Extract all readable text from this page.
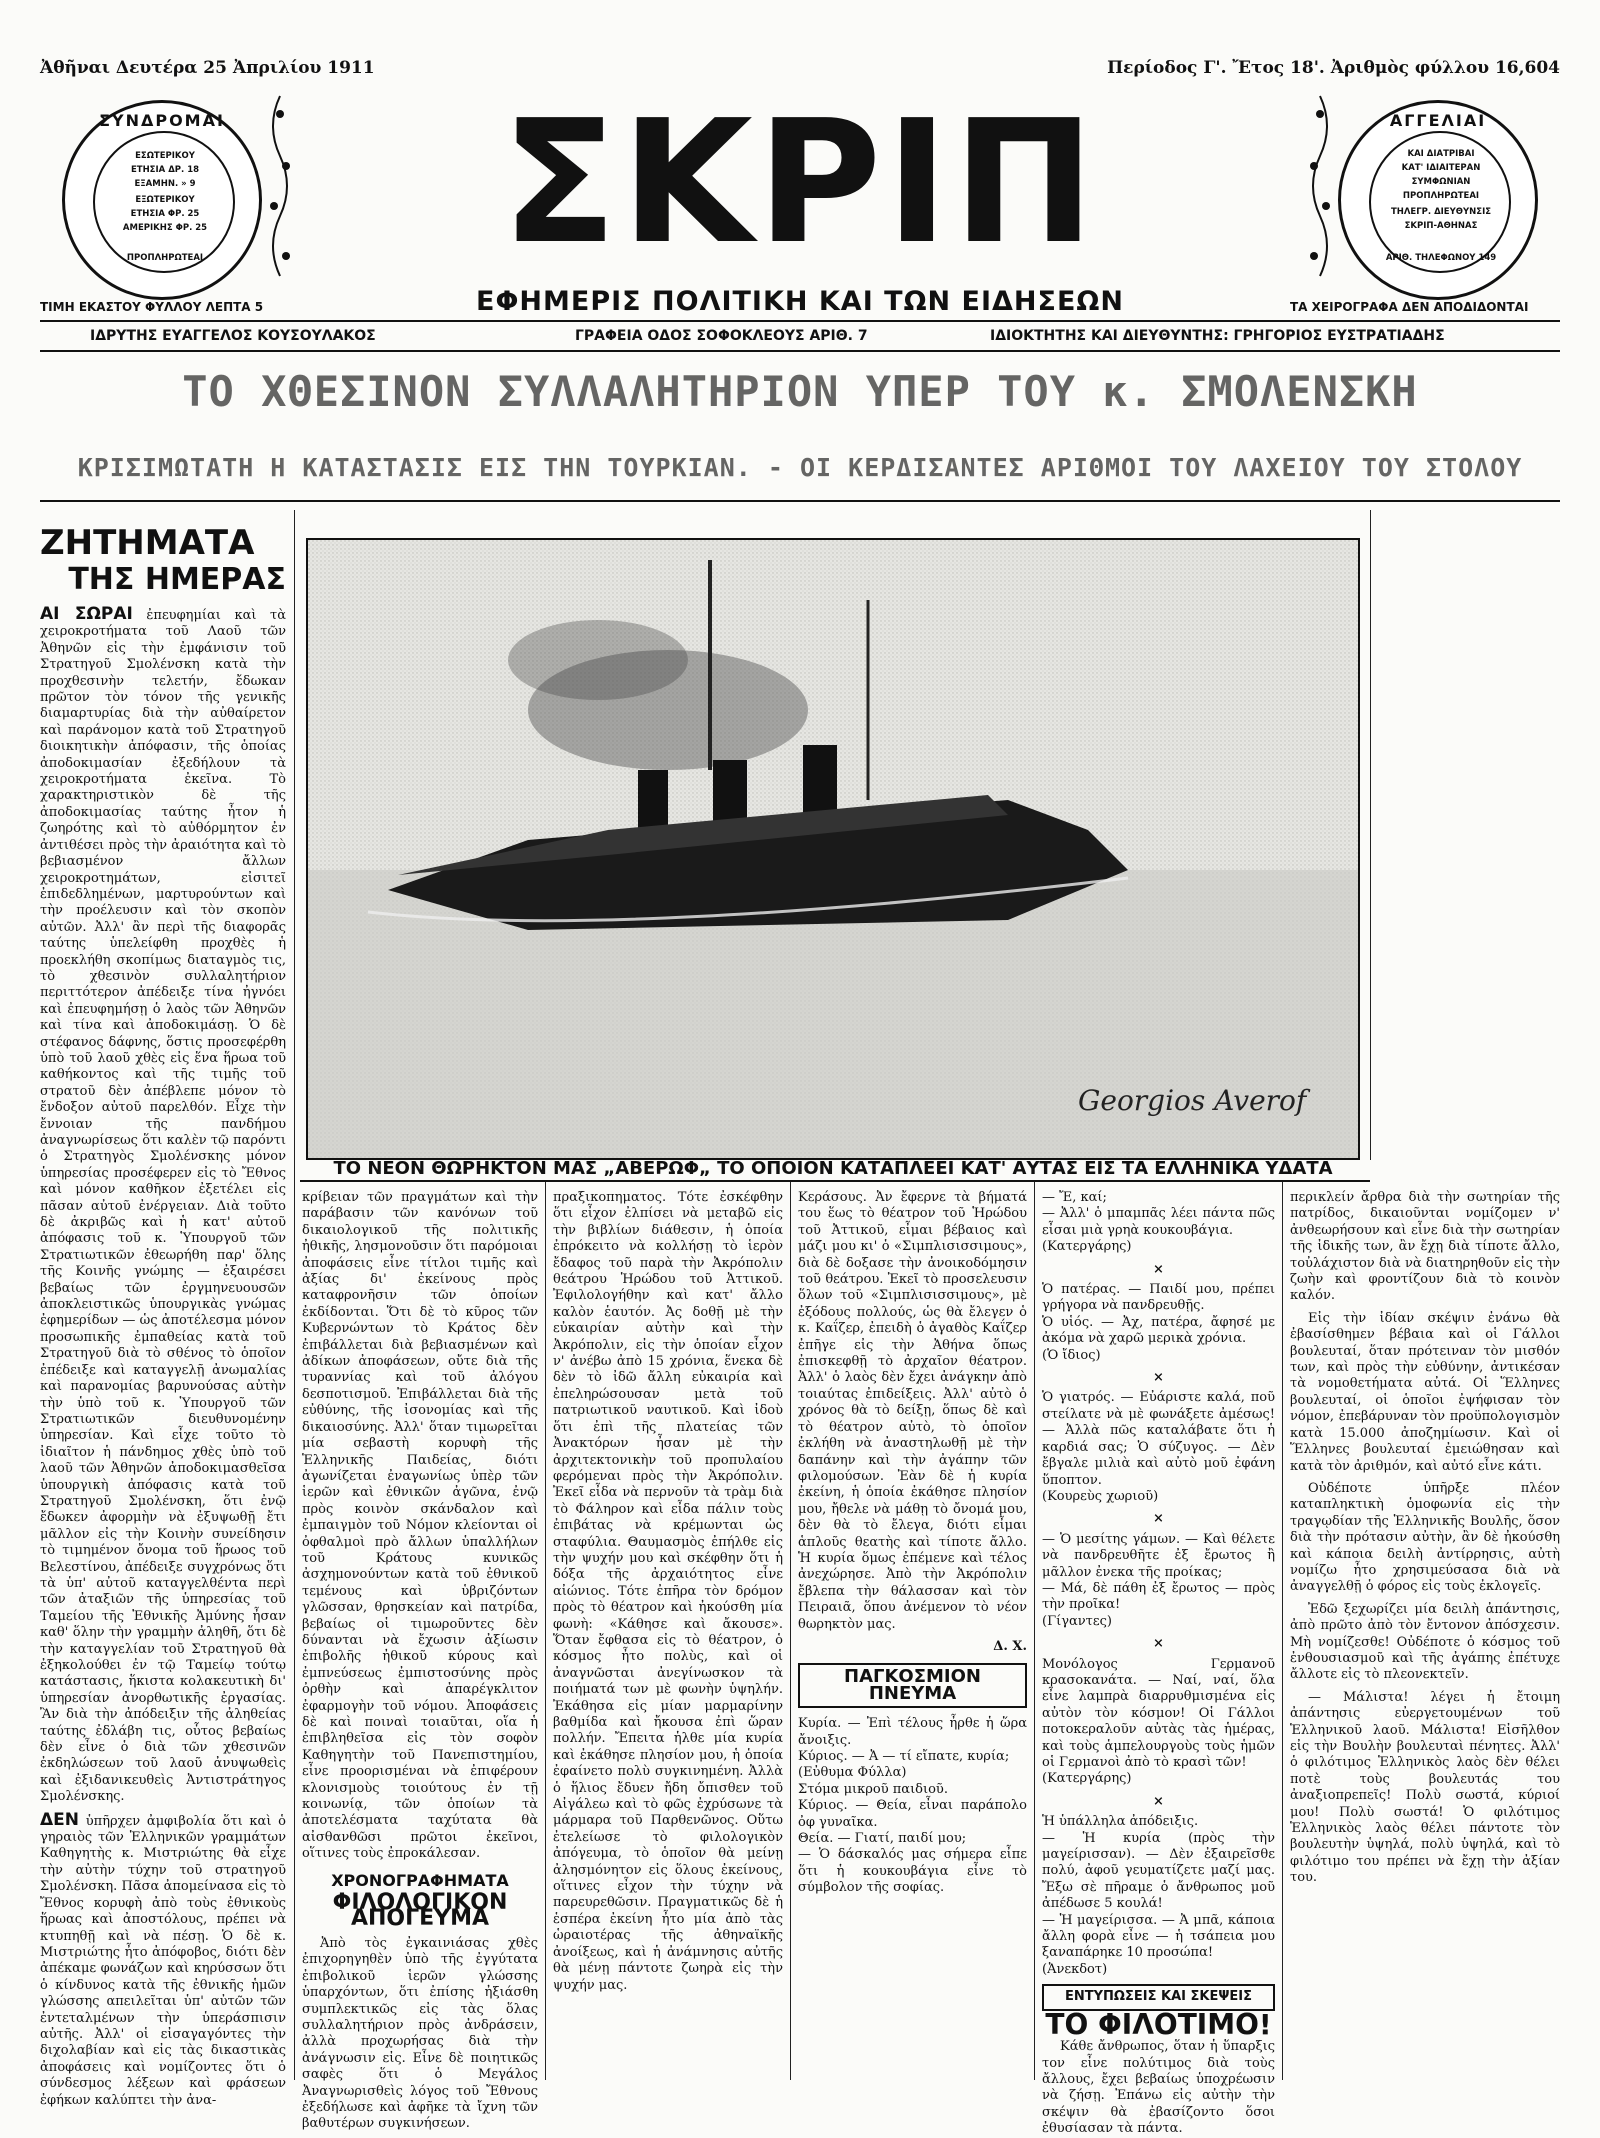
Ἀθῆναι Δευτέρα 25 Ἀπριλίου 1911	Περίοδος Γ'. Ἔτος 18'. Ἀριθμὸς φύλλου 16,604
ΣΥΝΔΡΟΜΑΙ
ΕΣΩΤΕΡΙΚΟΥ
ΕΤΗΣΙΑ ΔΡ. 18
ΕΞΑΜΗΝ. » 9
ΕΞΩΤΕΡΙΚΟΥ
ΕΤΗΣΙΑ ΦΡ. 25
ΑΜΕΡΙΚΗΣ ΦΡ. 25
ΠΡΟΠΛΗΡΩΤΕΑΙ
ΑΓΓΕΛΙΑΙ
ΚΑΙ ΔΙΑΤΡΙΒΑΙ
ΚΑΤ' ΙΔΙΑΙΤΕΡΑΝ
ΣΥΜΦΩΝΙΑΝ
ΠΡΟΠΛΗΡΩΤΕΑΙ
ΤΗΛΕΓΡ. ΔΙΕΥΘΥΝΣΙΣ
ΣΚΡΙΠ-ΑΘΗΝΑΣ
ΑΡΙΘ. ΤΗΛΕΦΩΝΟΥ 149
ΣΚΡΙΠ
ΕΦΗΜΕΡΙΣ ΠΟΛΙΤΙΚΗ ΚΑΙ ΤΩΝ ΕΙΔΗΣΕΩΝ
ΤΙΜΗ ΕΚΑΣΤΟΥ ΦΥΛΛΟΥ ΛΕΠΤΑ 5	ΤΑ ΧΕΙΡΟΓΡΑΦΑ ΔΕΝ ΑΠΟΔΙΔΟΝΤΑΙ
ΙΔΡΥΤΗΣ ΕΥΑΓΓΕΛΟΣ ΚΟΥΣΟΥΛΑΚΟΣ	ΓΡΑΦΕΙΑ ΟΔΟΣ ΣΟΦΟΚΛΕΟΥΣ ΑΡΙΘ. 7	ΙΔΙΟΚΤΗΤΗΣ ΚΑΙ ΔΙΕΥΘΥΝΤΗΣ: ΓΡΗΓΟΡΙΟΣ ΕΥΣΤΡΑΤΙΑΔΗΣ
ΤΟ ΧΘΕΣΙΝΟΝ ΣΥΛΛΑΛΗΤΗΡΙΟΝ ΥΠΕΡ ΤΟΥ κ. ΣΜΟΛΕΝΣΚΗ
ΚΡΙΣΙΜΩΤΑΤΗ Η ΚΑΤΑΣΤΑΣΙΣ ΕΙΣ ΤΗΝ ΤΟΥΡΚΙΑΝ. - ΟΙ ΚΕΡΔΙΣΑΝΤΕΣ ΑΡΙΘΜΟΙ ΤΟΥ ΛΑΧΕΙΟΥ ΤΟΥ ΣΤΟΛΟΥ
Georgios Averof
ΤΟ ΝΕΟΝ ΘΩΡΗΚΤΟΝ ΜΑΣ „ΑΒΕΡΩΦ„ ΤΟ ΟΠΟΙΟΝ ΚΑΤΑΠΛΕΕΙ ΚΑΤ' ΑΥΤΑΣ ΕΙΣ ΤΑ ΕΛΛΗΝΙΚΑ ΥΔΑΤΑ
ΖΗΤΗΜΑΤΑ
ΤΗΣ ΗΜΕΡΑΣ

ΑΙ ΣΩΡΑΙ ἐπευφημίαι καὶ τὰ χειροκροτήματα τοῦ Λαοῦ τῶν Ἀθηνῶν εἰς τὴν ἐμφάνισιν τοῦ Στρατηγοῦ Σμολένσκη κατὰ τὴν προχθεσινὴν τελετήν, ἔδωκαν πρῶτον τὸν τόνον τῆς γενικῆς διαμαρτυρίας διὰ τὴν αὐθαίρετον καὶ παράνομον κατὰ τοῦ Στρατηγοῦ διοικητικὴν ἀπόφασιν, τῆς ὁποίας ἀποδοκιμασίαν ἐξεδήλουν τὰ χειροκροτήματα ἐκεῖνα. Τὸ χαρακτηριστικὸν δὲ τῆς ἀποδοκιμασίας ταύτης ἦτον ἡ ζωηρότης καὶ τὸ αὐθόρμητον ἐν ἀντιθέσει πρὸς τὴν ἀραιότητα καὶ τὸ βεβιασμένον ἄλλων χειροκροτημάτων, εἰσιτεῖ ἐπιδεδλημένων, μαρτυρούντων καὶ τὴν προέλευσιν καὶ τὸν σκοπὸν αὐτῶν. Ἀλλ' ἂν περὶ τῆς διαφορᾶς ταύτης ὑπελείφθη προχθὲς ἡ προεκλήθη σκοπίμως διαταγμὸς τις, τὸ χθεσινὸν συλλαλητήριον περιττότερον ἀπέδειξε τίνα ἠγνόει καὶ ἐπευφημήσῃ ὁ λαὸς τῶν Ἀθηνῶν καὶ τίνα καὶ ἀποδοκιμάσῃ. Ὁ δὲ στέφανος δάφνης, ὅστις προσεφέρθη ὑπὸ τοῦ λαοῦ χθὲς εἰς ἕνα ἥρωα τοῦ καθήκοντος καὶ τῆς τιμῆς τοῦ στρατοῦ δὲν ἀπέβλεπε μόνον τὸ ἔνδοξον αὐτοῦ παρελθόν. Εἶχε τὴν ἔννοιαν τῆς πανδήμου ἀναγνωρίσεως ὅτι καλὲν τῷ παρόντι ὁ Στρατηγὸς Σμολένσκης μόνον ὑπηρεσίας προσέφερεν εἰς τὸ Ἔθνος καὶ μόνον καθῆκον ἐξετέλει εἰς πᾶσαν αὐτοῦ ἐνέργειαν. Διὰ τοῦτο δὲ ἀκριβῶς καὶ ἡ κατ' αὐτοῦ ἀπόφασις τοῦ κ. Ὑπουργοῦ τῶν Στρατιωτικῶν ἐθεωρήθη παρ' ὅλης τῆς Κοινῆς γνώμης — ἐξαιρέσει βεβαίως τῶν ἐργμηνευουσῶν ἀποκλειστικῶς ὑπουργικὰς γνώμας ἐφημερίδων — ὡς ἀποτέλεσμα μόνον προσωπικῆς ἐμπαθείας κατὰ τοῦ Στρατηγοῦ διὰ τὸ σθένος τὸ ὁποῖον ἐπέδειξε καὶ καταγγελῇ ἀνωμαλίας καὶ παρανομίας βαρυνούσας αὐτὴν τὴν ὑπὸ τοῦ κ. Ὑπουργοῦ τῶν Στρατιωτικῶν διευθυνομένην ὑπηρεσίαν. Καὶ εἶχε τοῦτο τὸ ἰδιαῖτον ἡ πάνδημος χθὲς ὑπὸ τοῦ λαοῦ τῶν Ἀθηνῶν ἀποδοκιμασθεῖσα ὑπουργικὴ ἀπόφασις κατὰ τοῦ Στρατηγοῦ Σμολένσκη, ὅτι ἐνῷ ἔδωκεν ἀφορμὴν νὰ ἐξυψωθῇ ἔτι μᾶλλον εἰς τὴν Κοινὴν συνείδησιν τὸ τιμημένον ὄνομα τοῦ ἥρωος τοῦ Βελεστίνου, ἀπέδειξε συγχρόνως ὅτι τὰ ὑπ' αὐτοῦ καταγγελθέντα περὶ τῶν ἀταξιῶν τῆς ὑπηρεσίας τοῦ Ταμείου τῆς Ἐθνικῆς Ἀμύνης ἦσαν καθ' ὅλην τὴν γραμμὴν ἀληθῆ, ὅτι δὲ τὴν καταγγελίαν τοῦ Στρατηγοῦ θὰ ἐξηκολούθει ἐν τῷ Ταμείῳ τούτῳ κατάστασις, ἥκιστα κολακευτικὴ δι' ὑπηρεσίαν ἀνορθωτικῆς ἐργασίας. Ἂν διὰ τὴν ἀπόδειξιν τῆς ἀληθείας ταύτης ἐδλάβη τις, οὗτος βεβαίως δὲν εἶνε ὁ διὰ τῶν χθεσινῶν ἐκδηλώσεων τοῦ λαοῦ ἀνυψωθεὶς καὶ ἐξιδανικευθεὶς Ἀντιστράτηγος Σμολένσκης.

ΔΕΝ ὑπῆρχεν ἀμφιβολία ὅτι καὶ ὁ γηραιὸς τῶν Ἑλληνικῶν γραμμάτων Καθηγητὴς κ. Μιστριώτης θὰ εἶχε τὴν αὐτὴν τύχην τοῦ στρατηγοῦ Σμολένσκη. Πᾶσα ἀπομείνασα εἰς τὸ Ἔθνος κορυφὴ ἀπὸ τοὺς ἐθνικοὺς ἥρωας καὶ ἀποστόλους, πρέπει νὰ κτυπηθῇ καὶ νὰ πέσῃ. Ὁ δὲ κ. Μιστριώτης ἦτο ἀπόφοβος, διότι δὲν ἀπέκαμε φωνάζων καὶ κηρύσσων ὅτι ὁ κίνδυνος κατὰ τῆς ἐθνικῆς ἡμῶν γλώσσης απειλεῖται ὑπ' αὐτῶν τῶν ἐντεταλμένων τὴν ὑπεράσπισιν αὐτῆς. Ἀλλ' οἱ εἰσαγαγόντες τὴν διχολαβίαν καὶ εἰς τὰς δικαστικὰς ἀποφάσεις καὶ νομίζοντες ὅτι ὁ σύνδεσμος λέξεων καὶ φράσεων ἐφήκων καλύπτει τὴν ἀνα-

κρίβειαν τῶν πραγμάτων καὶ τὴν παράβασιν τῶν κανόνων τοῦ δικαιολογικοῦ τῆς πολιτικῆς ἠθικῆς, λησμονοῦσιν ὅτι παρόμοιαι ἀποφάσεις εἶνε τίτλοι τιμῆς καὶ ἀξίας δι' ἐκείνους πρὸς καταφρονῆσιν τῶν ὁποίων ἐκδίδονται. Ὅτι δὲ τὸ κῦρος τῶν Κυβερνώντων τὸ Κράτος δὲν ἐπιβάλλεται διὰ βεβιασμένων καὶ ἀδίκων ἀποφάσεων, οὔτε διὰ τῆς τυραννίας καὶ τοῦ ἀλόγου δεσποτισμοῦ. Ἐπιβάλλεται διὰ τῆς εὐθύνης, τῆς ἰσονομίας καὶ τῆς δικαιοσύνης. Ἀλλ' ὅταν τιμωρεῖται μία σεβαστὴ κορυφὴ τῆς Ἑλληνικῆς Παιδείας, διότι ἀγωνίζεται ἐναγωνίως ὑπὲρ τῶν ἱερῶν καὶ ἐθνικῶν ἀγῶνα, ἐνῷ πρὸς κοινὸν σκάνδαλον καὶ ἐμπαιγμὸν τοῦ Νόμον κλείονται οἱ ὀφθαλμοὶ πρὸ ἄλλων ὑπαλλήλων τοῦ Κράτους κυνικῶς ἀσχημονούντων κατὰ τοῦ ἐθνικοῦ τεμένους καὶ ὑβριζόντων γλῶσσαν, θρησκείαν καὶ πατρίδα, βεβαίως οἱ τιμωροῦντες δὲν δύνανται νὰ ἔχωσιν ἀξίωσιν ἐπιβολῆς ἠθικοῦ κύρους καὶ ἐμπνεύσεως ἐμπιστοσύνης πρὸς ὀρθὴν καὶ ἀπαρέγκλιτον ἐφαρμογὴν τοῦ νόμου. Ἀποφάσεις δὲ καὶ ποιναὶ τοιαῦται, οἵα ἡ ἐπιβληθεῖσα εἰς τὸν σοφὸν Καθηγητὴν τοῦ Πανεπιστημίου, εἶνε προορισμέναι νὰ ἐπιφέρουν κλονισμοὺς τοιούτους ἐν τῇ κοινωνίᾳ, τῶν ὁποίων τὰ ἀποτελέσματα ταχύτατα θὰ αἰσθανθῶσι πρῶτοι ἐκεῖνοι, οἵτινες τοὺς ἐπροκάλεσαν.

ΧΡΟΝΟΓΡΑΦΗΜΑΤΑ
ΦΙΛΟΛΟΓΙΚΟΝ ΑΠΟΓΕΥΜΑ

Ἀπὸ τὸς ἐγκαινιάσας χθὲς ἐπιχορηγηθὲν ὑπὸ τῆς ἐγγύτατα ἐπιβολικοῦ ἱερῶν γλώσσης ὑπαρχόντων, ὅτι ἐπίσης ἠξιάσθη συμπλεκτικῶς εἰς τὰς ὅλας συλλαλητήριον πρὸς ἀνδράσειν, ἀλλὰ προχωρήσας διὰ τὴν ἀνάγνωσιν εἰς. Εἶνε δὲ ποιητικῶς σαφὲς ὅτι ὁ Μεγάλος Ἀναγνωρισθεὶς λόγος τοῦ Ἔθνους ἐξεδήλωσε καὶ ἀφῆκε τὰ ἴχνη τῶν βαθυτέρων συγκινήσεων.

πραξικοπηματος. Τότε ἐσκέφθην ὅτι εἶχον ἐλπίσει νὰ μεταβῶ εἰς τὴν βιβλίων διάθεσιν, ἡ ὁποία ἐπρόκειτο νὰ κολλήσῃ τὸ ἱερὸν ἔδαφος τοῦ παρὰ τὴν Ἀκρόπολιν θεάτρου Ἡρώδου τοῦ Ἀττικοῦ. Ἐφιλολογήθην καὶ κατ' ἄλλο καλὸν ἑαυτόν. Ἀς δοθῇ μὲ τὴν εὐκαιρίαν αὐτὴν καὶ τὴν Ἀκρόπολιν, εἰς τὴν ὁποίαν εἶχον ν' ἀνέβω ἀπὸ 15 χρόνια, ἕνεκα δὲ δὲν τὸ ἰδῶ ἄλλη εὐκαιρία καὶ ἐπεληρώσουσαν μετὰ τοῦ πατριωτικοῦ ναυτικοῦ. Καὶ ἰδοὺ ὅτι ἐπὶ τῆς πλατείας τῶν Ἀνακτόρων ἦσαν μὲ τὴν ἀρχιτεκτονικὴν τοῦ προπυλαίου φερόμεναι πρὸς τὴν Ἀκρόπολιν. Ἐκεῖ εἶδα νὰ περνοῦν τὰ τρὰμ διὰ τὸ Φάληρον καὶ εἶδα πάλιν τοὺς ἐπιβάτας νὰ κρέμωνται ὡς σταφύλια. Θαυμασμὸς ἐπήλθε εἰς τὴν ψυχήν μου καὶ σκέφθην ὅτι ἡ δόξα τῆς ἀρχαιότητος εἶνε αἰώνιος. Τότε ἐπῆρα τὸν δρόμον πρὸς τὸ θέατρον καὶ ἠκούσθη μία φωνὴ: «Κάθησε καὶ ἄκουσε». Ὅταν ἔφθασα εἰς τὸ θέατρον, ὁ κόσμος ἦτο πολὺς, καὶ οἱ ἀναγνῶσται ἀνεγίνωσκον τὰ ποιήματά των μὲ φωνὴν ὑψηλήν. Ἐκάθησα εἰς μίαν μαρμαρίνην βαθμίδα καὶ ἤκουσα ἐπὶ ὥραν πολλήν. Ἔπειτα ἡλθε μία κυρία καὶ ἐκάθησε πλησίον μου, ἡ ὁποία ἐφαίνετο πολὺ συγκινημένη. Ἀλλὰ ὁ ἥλιος ἔδυεν ἤδη ὄπισθεν τοῦ Αἰγάλεω καὶ τὸ φῶς ἐχρύσωνε τὰ μάρμαρα τοῦ Παρθενῶνος. Οὕτω ἐτελείωσε τὸ φιλολογικὸν ἀπόγευμα, τὸ ὁποῖον θὰ μείνῃ ἀλησμόνητον εἰς ὅλους ἐκείνους, οἵτινες εἶχον τὴν τύχην νὰ παρευρεθῶσιν. Πραγματικῶς δὲ ἡ ἑσπέρα ἐκείνη ἦτο μία ἀπὸ τὰς ὡραιοτέρας τῆς ἀθηναϊκῆς ἀνοίξεως, καὶ ἡ ἀνάμνησις αὐτῆς θὰ μένῃ πάντοτε ζωηρὰ εἰς τὴν ψυχήν μας.

Κεράσους. Ἀν ἔφερνε τὰ βήματά του ἕως τὸ θέατρον τοῦ Ἡρώδου τοῦ Ἀττικοῦ, εἶμαι βέβαιος καὶ μάζι μου κι' ὁ «Σιμπλισισσιμους», διὰ δὲ δοξασε τὴν ἀνοικοδόμησιν τοῦ θεάτρου. Ἐκεῖ τὸ προσελευσιν ὅλων τοῦ «Σιμπλισισσιμους», μὲ ἐξόδους πολλούς, ὡς θὰ ἔλεγεν ὁ κ. Καΐζερ, ἐπειδὴ ὁ ἀγαθὸς Καΐζερ ἐπῆγε εἰς τὴν Ἀθήνα ὅπως ἐπισκεφθῇ τὸ ἀρχαῖον θέατρον. Ἀλλ' ὁ λαὸς δὲν ἔχει ἀνάγκην ἀπὸ τοιαύτας ἐπιδείξεις. Ἀλλ' αὐτὸ ὁ χρόνος θὰ τὸ δείξῃ, ὅπως δὲ καὶ τὸ θέατρον αὐτὸ, τὸ ὁποῖον ἐκλήθη νὰ ἀναστηλωθῇ μὲ τὴν δαπάνην καὶ τὴν ἀγάπην τῶν φιλομούσων. Ἐὰν δὲ ἡ κυρία ἐκείνη, ἡ ὁποία ἐκάθησε πλησίον μου, ἤθελε νὰ μάθῃ τὸ ὄνομά μου, δὲν θὰ τὸ ἔλεγα, διότι εἶμαι ἁπλοῦς θεατὴς καὶ τίποτε ἄλλο. Ἡ κυρία ὅμως ἐπέμενε καὶ τέλος ἀνεχώρησε. Ἀπὸ τὴν Ἀκρόπολιν ἔβλεπα τὴν θάλασσαν καὶ τὸν Πειραιᾶ, ὅπου ἀνέμενον τὸ νέον θωρηκτὸν μας.

Δ. Χ.
ΠΑΓΚΟΣΜΙΟΝ ΠΝΕΥΜΑ

Κυρία. — Ἐπὶ τέλους ἦρθε ἡ ὥρα ἄνοιξις.
Κύριος. — Ἀ — τί εἴπατε, κυρία;
(Εὐθυμα Φύλλα)
Στόμα μικροῦ παιδιοῦ.
Κύριος. — Θεία, εἶναι παράπολο ὀφ γυναῖκα.
Θεία. — Γιατί, παιδί μου;
— Ὁ δάσκαλός μας σήμερα εἶπε ὅτι ἡ κουκουβάγια εἶνε τὸ σύμβολον τῆς σοφίας.

— Ἔ, καί;
— Ἀλλ' ὁ μπαμπᾶς λέει πάντα πῶς εἶσαι μιὰ γρηὰ κουκουβάγια.
(Κατεργάρης)

×

Ὁ πατέρας. — Παιδί μου, πρέπει γρήγορα νὰ πανδρευθῇς.
Ὁ υἱός. — Ἀχ, πατέρα, ἄφησέ με ἀκόμα νὰ χαρῶ μερικὰ χρόνια.
(Ὁ ἴδιος)

×

Ὁ γιατρός. — Εὐάριστε καλά, ποῦ στείλατε νὰ μὲ φωνάξετε ἀμέσως! — Ἀλλὰ πῶς καταλάβατε ὅτι ἡ καρδιά σας; Ὁ σύζυγος. — Δὲν ἔβγαλε μιλιὰ καὶ αὐτὸ μοῦ ἐφάνη ὕποπτον.
(Κουρεὺς χωριοῦ)

×

— Ὁ μεσίτης γάμων. — Καὶ θέλετε νὰ πανδρευθῆτε ἐξ ἔρωτος ἢ μᾶλλον ἐνεκα τῆς προίκας;
— Μά, δὲ πάθη ἐξ ἔρωτος — πρὸς τὴν προῖκα!
(Γίγαντες)

×

Μονόλογος Γερμανοῦ κρασοκανάτα. — Ναί, ναί, ὅλα εἶνε λαμπρὰ διαρρυθμισμένα εἰς αὐτὸν τὸν κόσμον! Οἱ Γάλλοι ποτοκεραλοῦν αὐτὰς τὰς ἡμέρας, καὶ τοὺς ἁμπελουργοὺς τοὺς ἡμῶν οἱ Γερμανοὶ ἀπὸ τὸ κρασὶ τῶν!
(Κατεργάρης)

×

Ἡ ὑπάλληλα ἀπόδειξις.
— Ἡ κυρία (πρὸς τὴν μαγείρισσαν). — Δὲν ἐξαιρεῖσθε πολύ, ἀφοῦ γευματίζετε μαζί μας. Ἔξω σὲ πῆραμε ὁ ἄνθρωπος μοῦ ἀπέδωσε 5 κουλά!
— Ἡ μαγείρισσα. — Ἀ μπᾶ, κάποια ἄλλη φορὰ εἶνε — ἡ τσάπεια μου ξαναπάρηκε 10 προσώπα!
(Ἀνεκδοτ)

ΕΝΤΥΠΩΣΕΙΣ ΚΑΙ ΣΚΕΨΕΙΣ
ΤΟ ΦΙΛΟΤΙΜΟ!

Κάθε ἄνθρωπος, ὅταν ἡ ὕπαρξις τον εἶνε πολύτιμος διὰ τοὺς ἄλλους, ἔχει βεβαίως ὑποχρέωσιν νὰ ζήσῃ. Ἐπάνω εἰς αὐτὴν τὴν σκέψιν θὰ ἐβασίζοντο ὅσοι ἐθυσίασαν τὰ πάντα.

περικλείν ἄρθρα διὰ τὴν σωτηρίαν τῆς πατρίδος, δικαιοῦνται νομίζομεν ν' ἀνθεωρήσουν καὶ εἶνε διὰ τὴν σωτηρίαν τῆς ἰδικῆς των, ἂν ἔχῃ διὰ τίποτε ἄλλο, τοὐλάχιστον διὰ νὰ διατηρηθοῦν εἰς τὴν ζωὴν καὶ φροντίζουν διὰ τὸ κοινὸν καλόν.

Εἰς τὴν ἰδίαν σκέψιν ἐνάνω θὰ ἐβασίσθημεν βέβαια καὶ οἱ Γάλλοι βουλευταί, ὅταν πρότειναν τὸν μισθόν των, καὶ πρὸς τὴν εὐθύνην, ἀντικέσαν τὰ νομοθετήματα αὐτά. Οἱ Ἕλληνες βουλευταί, οἱ ὁποῖοι ἐψήφισαν τὸν νόμον, ἐπεβάρυναν τὸν προϋπολογισμὸν κατὰ 15.000 ἀποζημίωσιν. Καὶ οἱ Ἕλληνες βουλευταί ἐμειώθησαν καὶ κατὰ τὸν ἀριθμόν, καὶ αὐτό εἶνε κάτι.

Οὐδέποτε ὑπῆρξε πλέον καταπληκτικὴ ὁμοφωνία εἰς τὴν τραγῳδίαν τῆς Ἑλληνικῆς Βουλῆς, ὅσον διὰ τὴν πρότασιν αὐτὴν, ἂν δὲ ἠκούσθη καὶ κάποια δειλὴ ἀντίρρησις, αὐτὴ νομίζω ἦτο χρησιμεύσασα διὰ νὰ ἀναγγελθῇ ὁ φόρος εἰς τοὺς ἐκλογεῖς.

Ἐδῶ ξεχωρίζει μία δειλὴ ἀπάντησις, ἀπὸ πρῶτο ἀπὸ τὸν ἔντονον ἀπόσχεσιν. Μὴ νομίζεσθε! Οὐδέποτε ὁ κόσμος τοῦ ἐνθουσιασμοῦ καὶ τῆς ἀγάπης ἐπέτυχε ἄλλοτε εἰς τὸ πλεονεκτεῖν.

— Μάλιστα! λέγει ἡ ἔτοιμη ἀπάντησις εὐεργετουμένων τοῦ Ἑλληνικοῦ λαοῦ. Μάλιστα! Εἰσῆλθον εἰς τὴν Βουλὴν βουλευταὶ πένητες. Ἀλλ' ὁ φιλότιμος Ἑλληνικὸς λαὸς δὲν θέλει ποτὲ τοὺς βουλευτάς του ἀναξιοπρεπεῖς! Πολὺ σωστά, κύριοί μου! Πολὺ σωστά! Ὁ φιλότιμος Ἑλληνικὸς λαὸς θέλει πάντοτε τὸν βουλευτὴν ὑψηλά, πολὺ ὑψηλά, καὶ τὸ φιλότιμο του πρέπει νὰ ἔχῃ τὴν ἀξίαν του.
